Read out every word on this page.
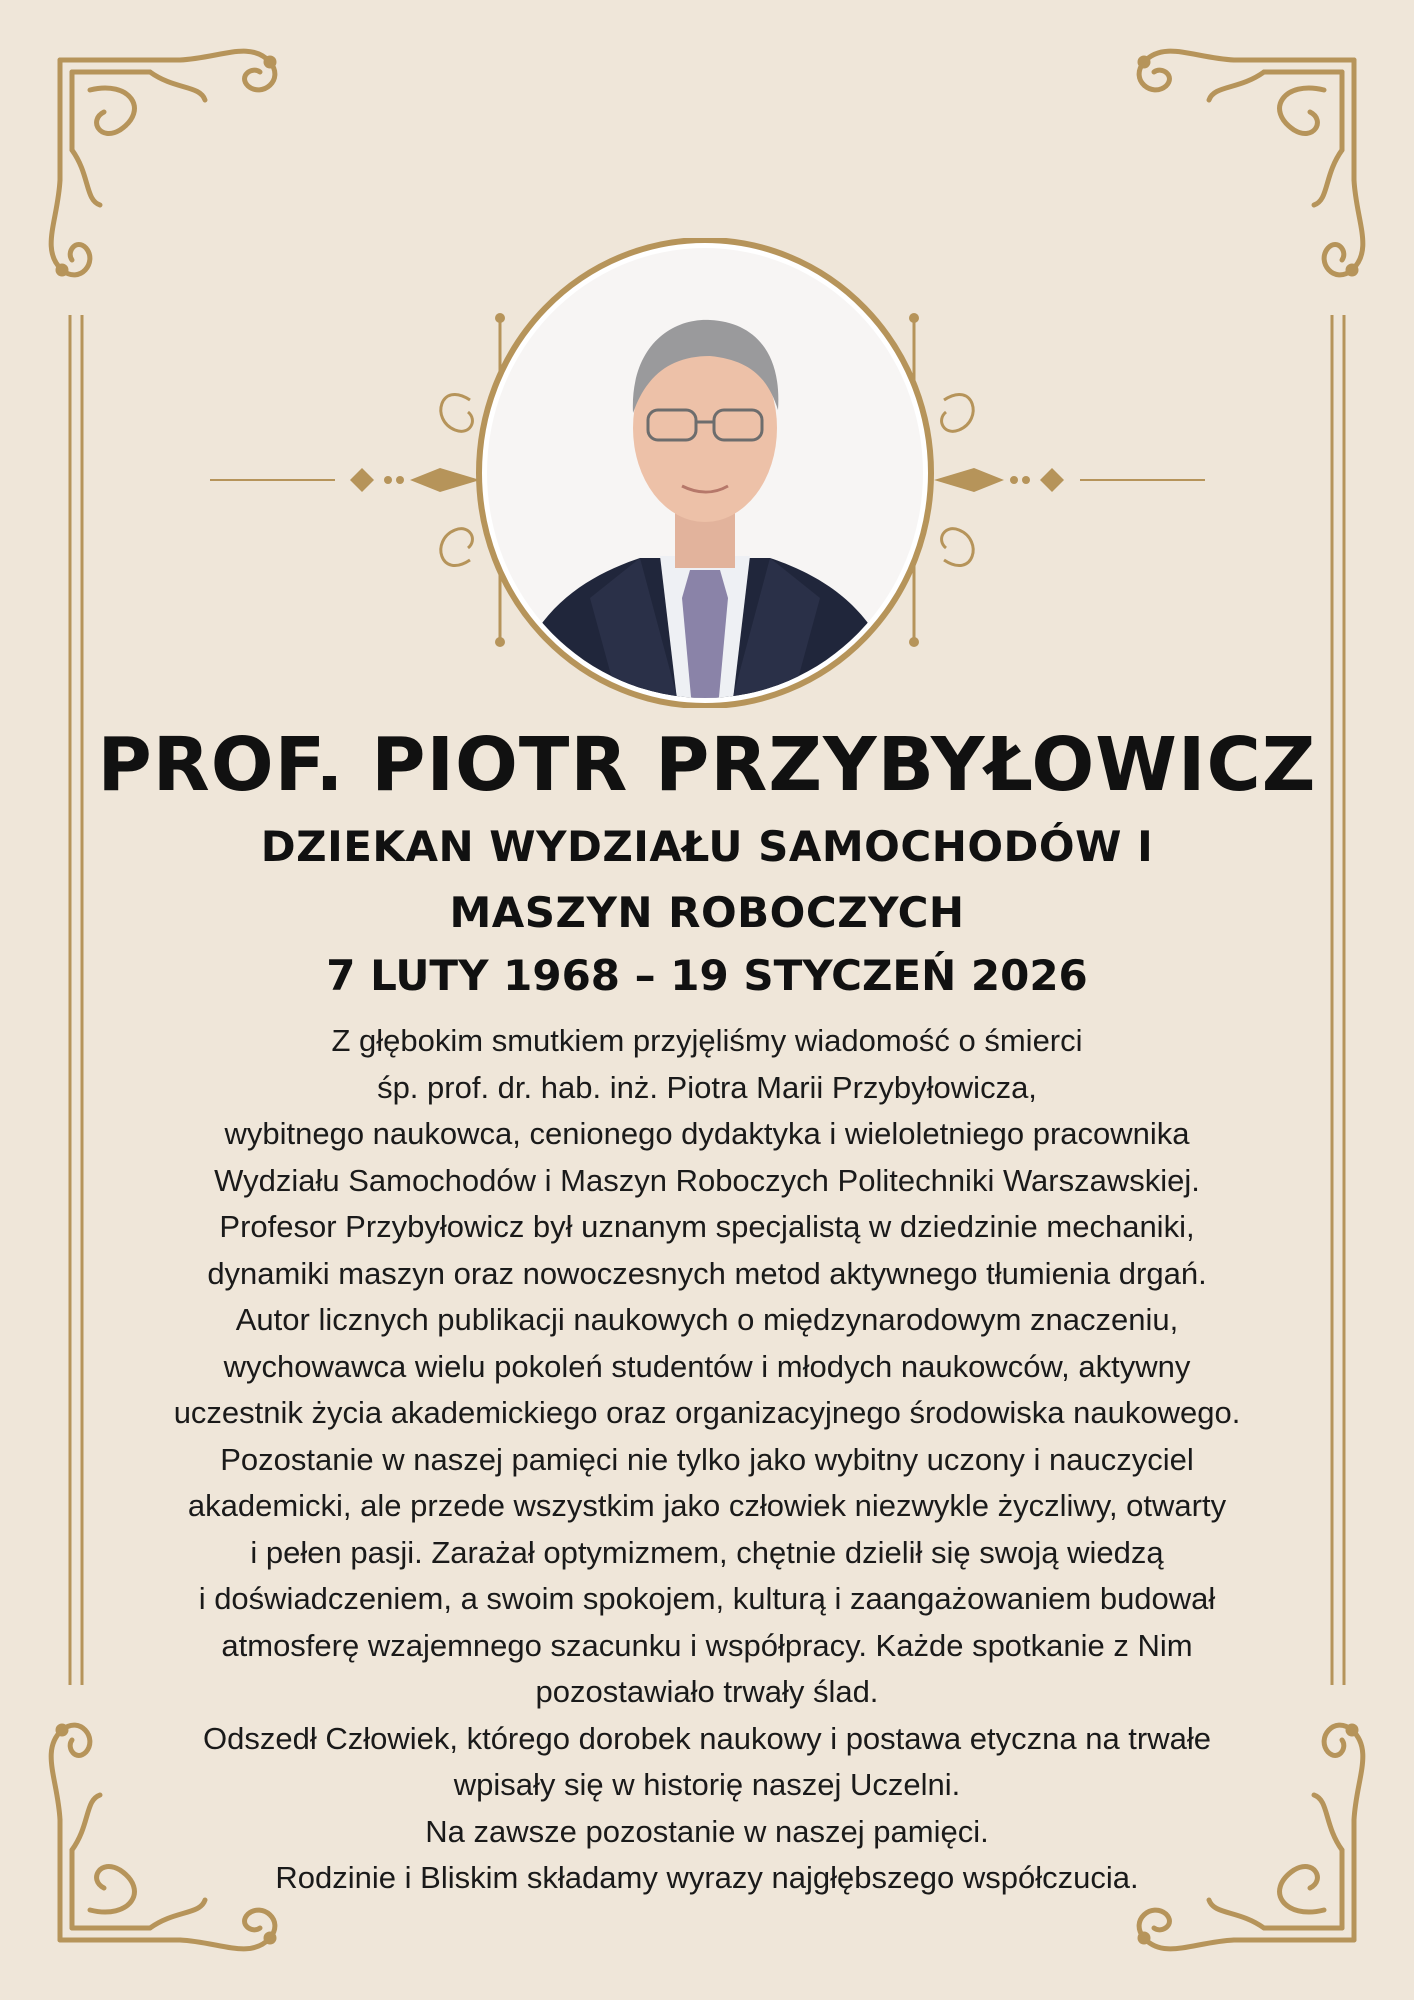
PROF. PIOTR PRZYBYŁOWICZ
DZIEKAN WYDZIAŁU SAMOCHODÓW I MASZYN ROBOCZYCH
7 LUTY 1968 – 19 STYCZEŃ 2026

Z głębokim smutkiem przyjęliśmy wiadomość o śmierci
śp. prof. dr. hab. inż. Piotra Marii Przybyłowicza,
wybitnego naukowca, cenionego dydaktyka i wieloletniego pracownika
Wydziału Samochodów i Maszyn Roboczych Politechniki Warszawskiej.
Profesor Przybyłowicz był uznanym specjalistą w dziedzinie mechaniki,
dynamiki maszyn oraz nowoczesnych metod aktywnego tłumienia drgań.
Autor licznych publikacji naukowych o międzynarodowym znaczeniu,
wychowawca wielu pokoleń studentów i młodych naukowców, aktywny
uczestnik życia akademickiego oraz organizacyjnego środowiska naukowego.
Pozostanie w naszej pamięci nie tylko jako wybitny uczony i nauczyciel
akademicki, ale przede wszystkim jako człowiek niezwykle życzliwy, otwarty
i pełen pasji. Zarażał optymizmem, chętnie dzielił się swoją wiedzą
i doświadczeniem, a swoim spokojem, kulturą i zaangażowaniem budował
atmosferę wzajemnego szacunku i współpracy. Każde spotkanie z Nim
pozostawiało trwały ślad.
Odszedł Człowiek, którego dorobek naukowy i postawa etyczna na trwałe
wpisały się w historię naszej Uczelni.
Na zawsze pozostanie w naszej pamięci.
Rodzinie i Bliskim składamy wyrazy najgłębszego współczucia.
